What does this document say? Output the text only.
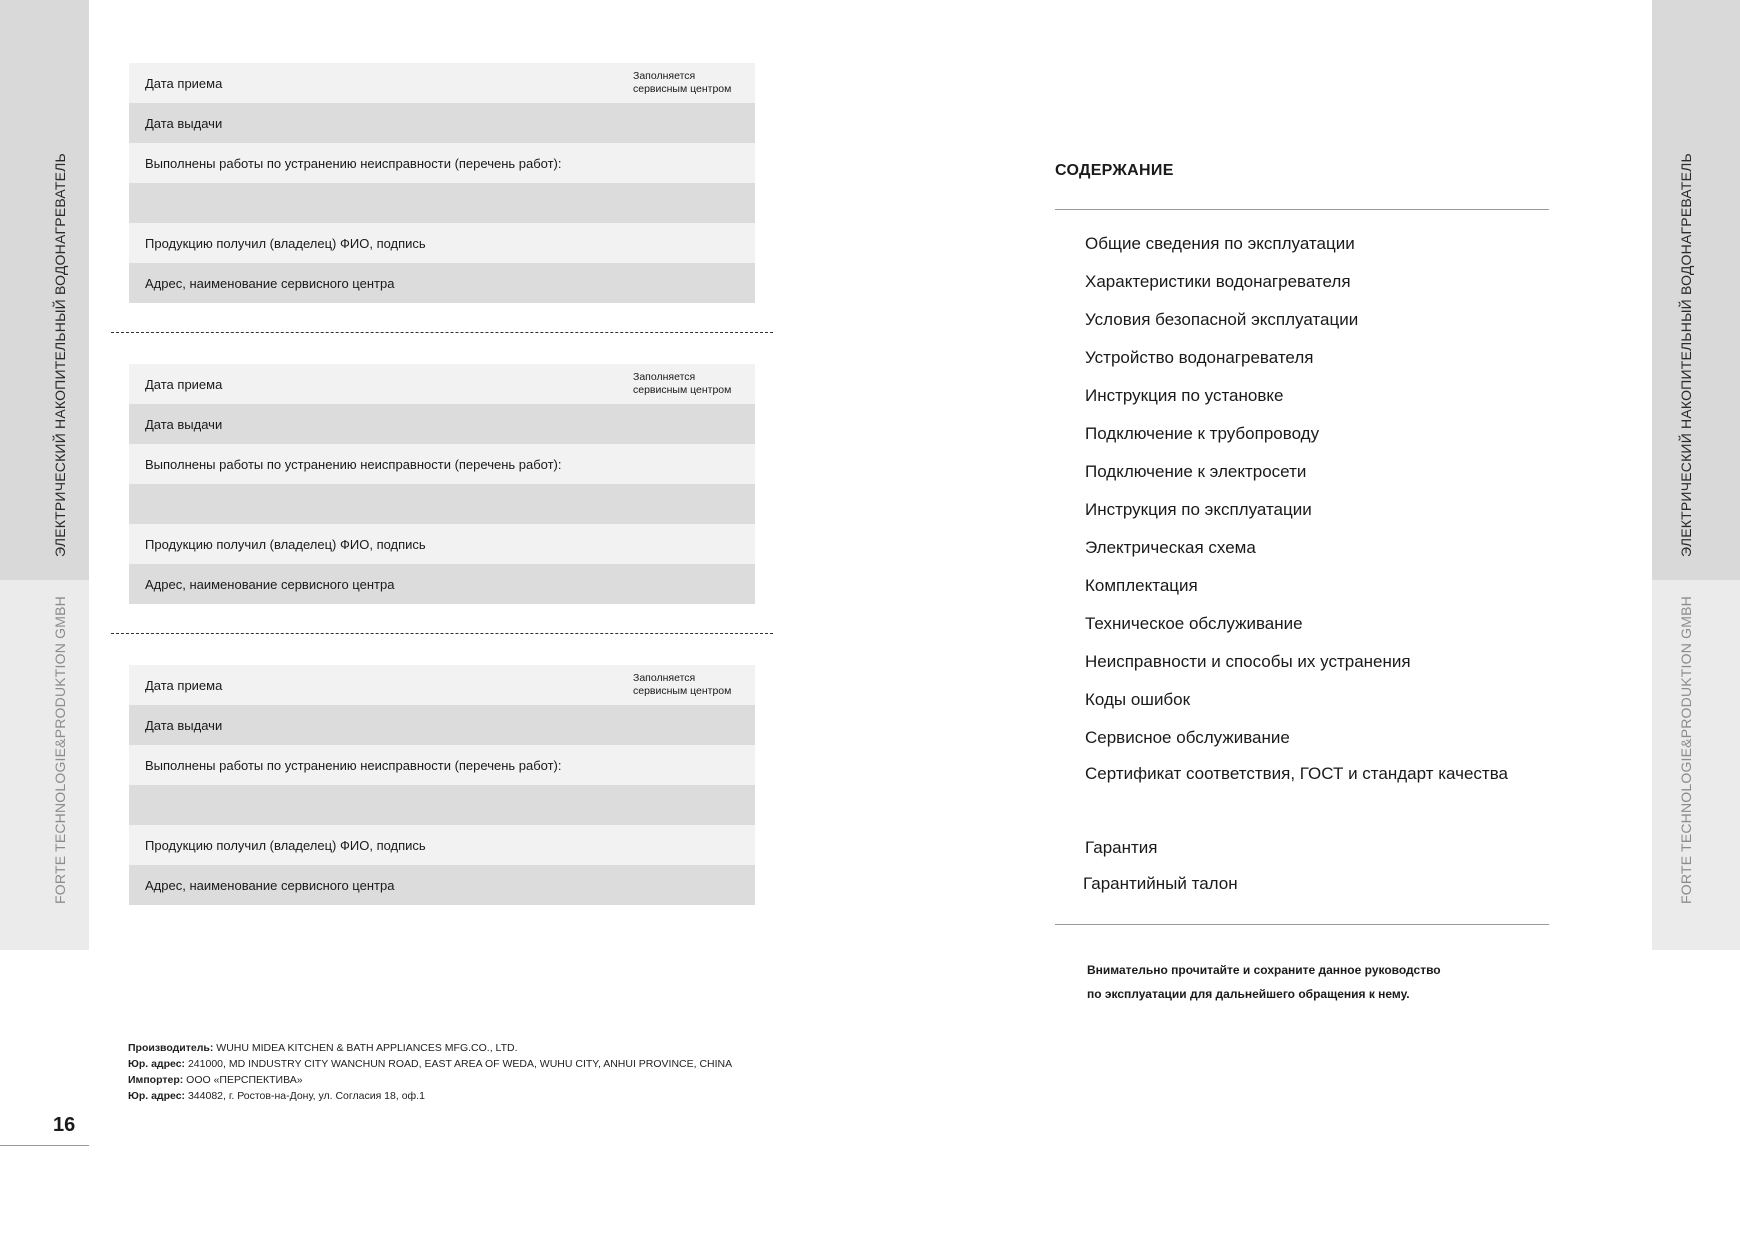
ЭЛЕКТРИЧЕСКИЙ НАКОПИТЕЛЬНЫЙ ВОДОНАГРЕВАТЕЛЬ
FORTE TECHNOLOGIE&PRODUKTION GMBH
ЭЛЕКТРИЧЕСКИЙ НАКОПИТЕЛЬНЫЙ ВОДОНАГРЕВАТЕЛЬ
FORTE TECHNOLOGIE&PRODUKTION GMBH
Дата приема	Заполняется сервисным центром
Дата выдачи
Выполнены работы по устранению неисправности (перечень работ):
Продукцию получил (владелец) ФИО, подпись
Адрес, наименование сервисного центра
Дата приема	Заполняется сервисным центром
Дата выдачи
Выполнены работы по устранению неисправности (перечень работ):
Продукцию получил (владелец) ФИО, подпись
Адрес, наименование сервисного центра
Дата приема	Заполняется сервисным центром
Дата выдачи
Выполнены работы по устранению неисправности (перечень работ):
Продукцию получил (владелец) ФИО, подпись
Адрес, наименование сервисного центра
Производитель: WUHU MIDEA KITCHEN & BATH APPLIANCES MFG.CO., LTD.
Юр. адрес: 241000, MD INDUSTRY CITY WANCHUN ROAD, EAST AREA OF WEDA, WUHU CITY, ANHUI PROVINCE, CHINA
Импортер: ООО «ПЕРСПЕКТИВА»
Юр. адрес: 344082, г. Ростов-на-Дону, ул. Согласия 18, оф.1
16
СОДЕРЖАНИЕ
Общие сведения по эксплуатации
Характеристики водонагревателя
Условия безопасной эксплуатации
Устройство водонагревателя
Инструкция по установке
Подключение к трубопроводу
Подключение к электросети
Инструкция по эксплуатации
Электрическая схема
Комплектация
Техническое обслуживание
Неисправности и способы их устранения
Коды ошибок
Сервисное обслуживание
Сертификат соответствия, ГОСТ и стандарт качества
Гарантия
Гарантийный талон
Внимательно прочитайте и сохраните данное руководство
по эксплуатации для дальнейшего обращения к нему.
